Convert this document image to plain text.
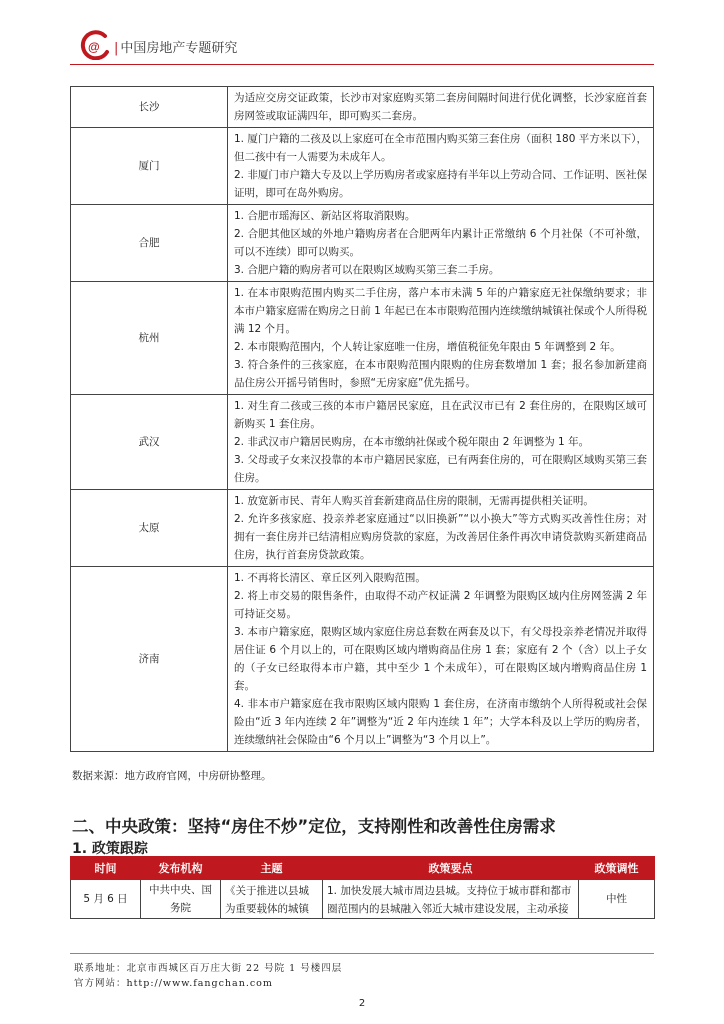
@ | 中国房地产专题研究
长沙	为适应交房交证政策，长沙市对家庭购买第二套房间隔时间进行优化调整，长沙家庭首套房网签或取证满四年，即可购买二套房。

厦门	1. 厦门户籍的二孩及以上家庭可在全市范围内购买第三套住房（面积 180 平方米以下），但二孩中有一人需要为未成年人。

2. 非厦门市户籍大专及以上学历购房者或家庭持有半年以上劳动合同、工作证明、医社保证明，即可在岛外购房。

合肥	1. 合肥市瑶海区、新站区将取消限购。

2. 合肥其他区域的外地户籍购房者在合肥两年内累计正常缴纳 6 个月社保（不可补缴，可以不连续）即可以购买。

3. 合肥户籍的购房者可以在限购区域购买第三套二手房。

杭州	1. 在本市限购范围内购买二手住房，落户本市未满 5 年的户籍家庭无社保缴纳要求；非本市户籍家庭需在购房之日前 1 年起已在本市限购范围内连续缴纳城镇社保或个人所得税满 12 个月。

2. 本市限购范围内，个人转让家庭唯一住房，增值税征免年限由 5 年调整到 2 年。

3. 符合条件的三孩家庭，在本市限购范围内限购的住房套数增加 1 套；报名参加新建商品住房公开摇号销售时，参照“无房家庭”优先摇号。

武汉	1. 对生育二孩或三孩的本市户籍居民家庭，且在武汉市已有 2 套住房的，在限购区域可新购买 1 套住房。

2. 非武汉市户籍居民购房，在本市缴纳社保或个税年限由 2 年调整为 1 年。

3. 父母或子女来汉投靠的本市户籍居民家庭，已有两套住房的，可在限购区域购买第三套住房。

太原	1. 放宽新市民、青年人购买首套新建商品住房的限制，无需再提供相关证明。

2. 允许多孩家庭、投亲养老家庭通过“以旧换新”“以小换大”等方式购买改善性住房；对拥有一套住房并已结清相应购房贷款的家庭，为改善居住条件再次申请贷款购买新建商品住房，执行首套房贷款政策。

济南	1. 不再将长清区、章丘区列入限购范围。

2. 将上市交易的限售条件，由取得不动产权证满 2 年调整为限购区域内住房网签满 2 年可持证交易。

3. 本市户籍家庭，限购区域内家庭住房总套数在两套及以下，有父母投亲养老情况并取得居住证 6 个月以上的，可在限购区域内增购商品住房 1 套；家庭有 2 个（含）以上子女的（子女已经取得本市户籍，其中至少 1 个未成年），可在限购区域内增购商品住房 1 套。

4. 非本市户籍家庭在我市限购区域内限购 1 套住房，在济南市缴纳个人所得税或社会保险由“近 3 年内连续 2 年”调整为“近 2 年内连续 1 年”；大学本科及以上学历的购房者，连续缴纳社会保险由“6 个月以上”调整为“3 个月以上”。

数据来源：地方政府官网，中房研协整理。
二、中央政策：坚持“房住不炒”定位，支持刚性和改善性住房需求
1. 政策跟踪
时间	发布机构	主题	政策要点	政策调性

5 月 6 日	中共中央、国务院	《关于推进以县城为重要载体的城镇	1. 加快发展大城市周边县城。支持位于城市群和都市圈范围内的县城融入邻近大城市建设发展，主动承接	中性
联系地址：北京市西城区百万庄大街 22 号院 1 号楼四层
官方网站：http://www.fangchan.com
2
